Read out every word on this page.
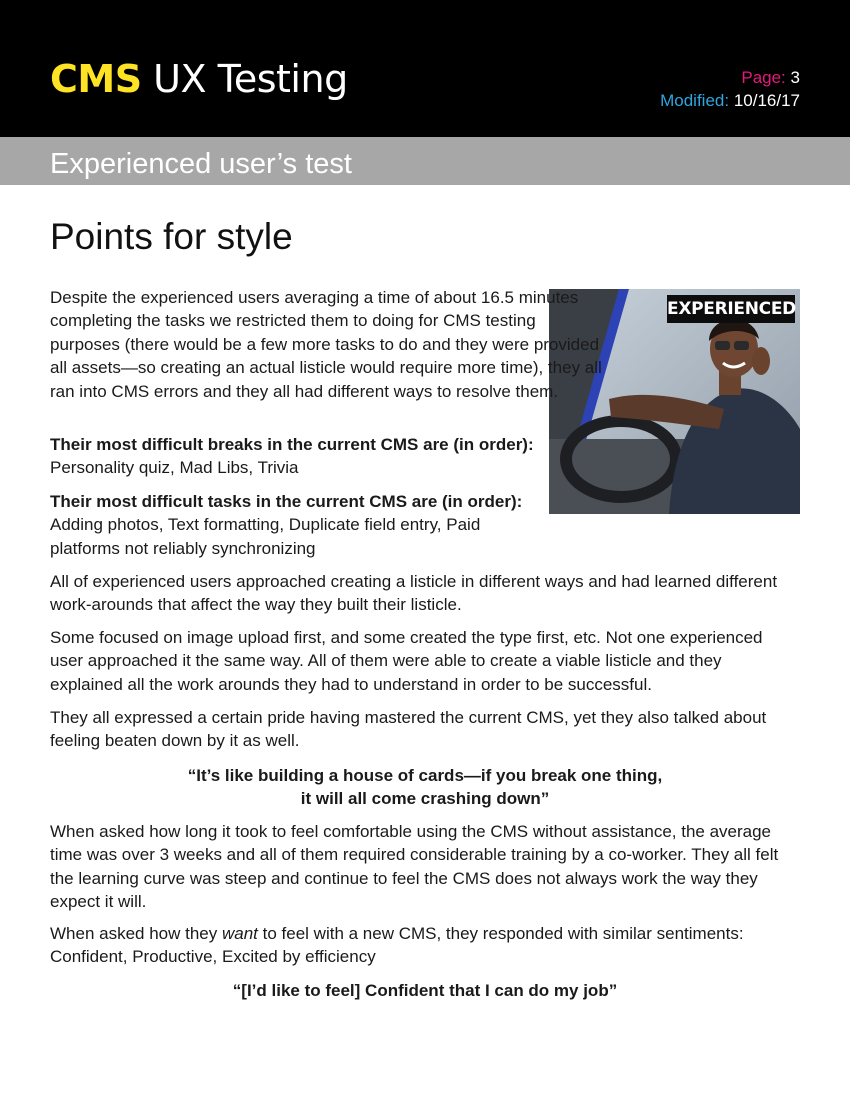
CMS UX Testing	Page: 3
Modified: 10/16/17
Experienced user’s test
Points for style
EXPERIENCED

Despite the experienced users averaging a time of about 16.5 minutes completing the tasks we restricted them to doing for CMS testing purposes (there would be a few more tasks to do and they were provided all assets—so creating an actual listicle would require more time), they all ran into CMS errors and they all had different ways to resolve them.

Their most difficult breaks in the current CMS are (in order):
Personality quiz, Mad Libs, Trivia

Their most difficult tasks in the current CMS are (in order):
Adding photos, Text formatting, Duplicate field entry, Paid platforms not reliably synchronizing

All of experienced users approached creating a listicle in different ways and had learned different work-arounds that affect the way they built their listicle.

Some focused on image upload first, and some created the type first, etc. Not one experienced user approached it the same way. All of them were able to create a viable listicle and they explained all the work arounds they had to understand in order to be successful.

They all expressed a certain pride having mastered the current CMS, yet they also talked about feeling beaten down by it as well.

“It’s like building a house of cards—if you break one thing,
it will all come crashing down”

When asked how long it took to feel comfortable using the CMS without assistance, the average time was over 3 weeks and all of them required considerable training by a co-worker. They all felt the learning curve was steep and continue to feel the CMS does not always work the way they expect it will.

When asked how they want to feel with a new CMS, they responded with similar sentiments: Confident, Productive, Excited by efficiency

“[I’d like to feel] Confident that I can do my job”
